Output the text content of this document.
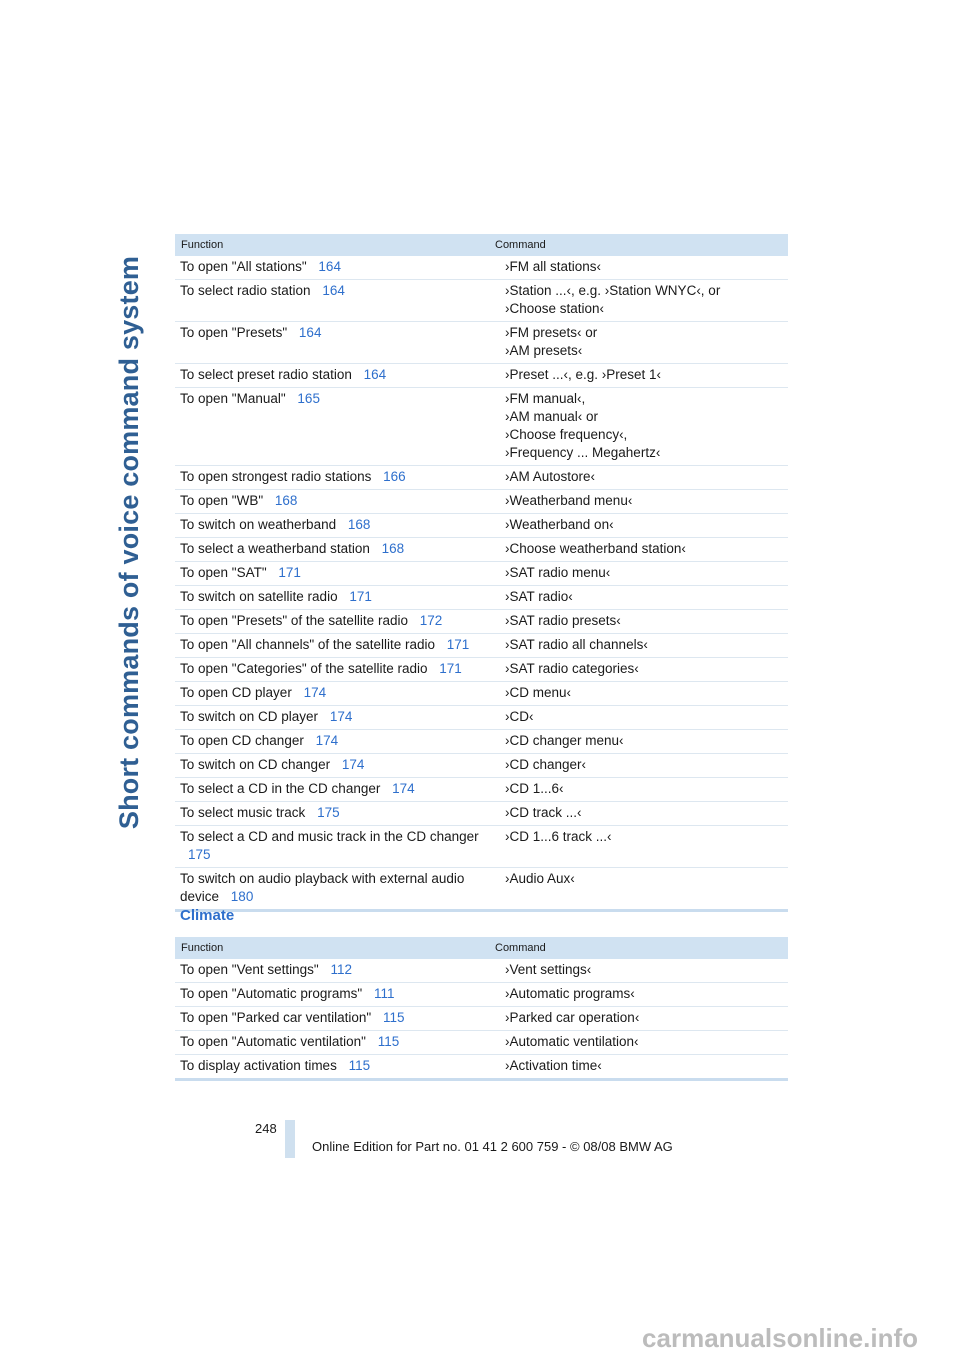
Short commands of voice command system
Function	Command
To open "All stations" 164	›FM all stations‹

To select radio station 164	›Station ...‹, e.g. ›Station WNYC‹, or
›Choose station‹

To open "Presets" 164	›FM presets‹ or
›AM presets‹

To select preset radio station 164	›Preset ...‹, e.g. ›Preset 1‹

To open "Manual" 165	›FM manual‹,
›AM manual‹ or
›Choose frequency‹,
›Frequency ... Megahertz‹

To open strongest radio stations 166	›AM Autostore‹

To open "WB" 168	›Weatherband menu‹

To switch on weatherband 168	›Weatherband on‹

To select a weatherband station 168	›Choose weatherband station‹

To open "SAT" 171	›SAT radio menu‹

To switch on satellite radio 171	›SAT radio‹

To open "Presets" of the satellite radio 172	›SAT radio presets‹

To open "All channels" of the satellite radio 171	›SAT radio all channels‹

To open "Categories" of the satellite radio 171	›SAT radio categories‹

To open CD player 174	›CD menu‹

To switch on CD player 174	›CD‹

To open CD changer 174	›CD changer menu‹

To switch on CD changer 174	›CD changer‹

To select a CD in the CD changer 174	›CD 1...6‹

To select music track 175	›CD track ...‹

To select a CD and music track in the CD changer 175	›CD 1...6 track ...‹

To switch on audio playback with external audio device 180	›Audio Aux‹
Climate
Function	Command
To open "Vent settings" 112	›Vent settings‹

To open "Automatic programs" 111	›Automatic programs‹

To open "Parked car ventilation" 115	›Parked car operation‹

To open "Automatic ventilation" 115	›Automatic ventilation‹

To display activation times 115	›Activation time‹
248
Online Edition for Part no. 01 41 2 600 759 - © 08/08 BMW AG
carmanualsonline.info
